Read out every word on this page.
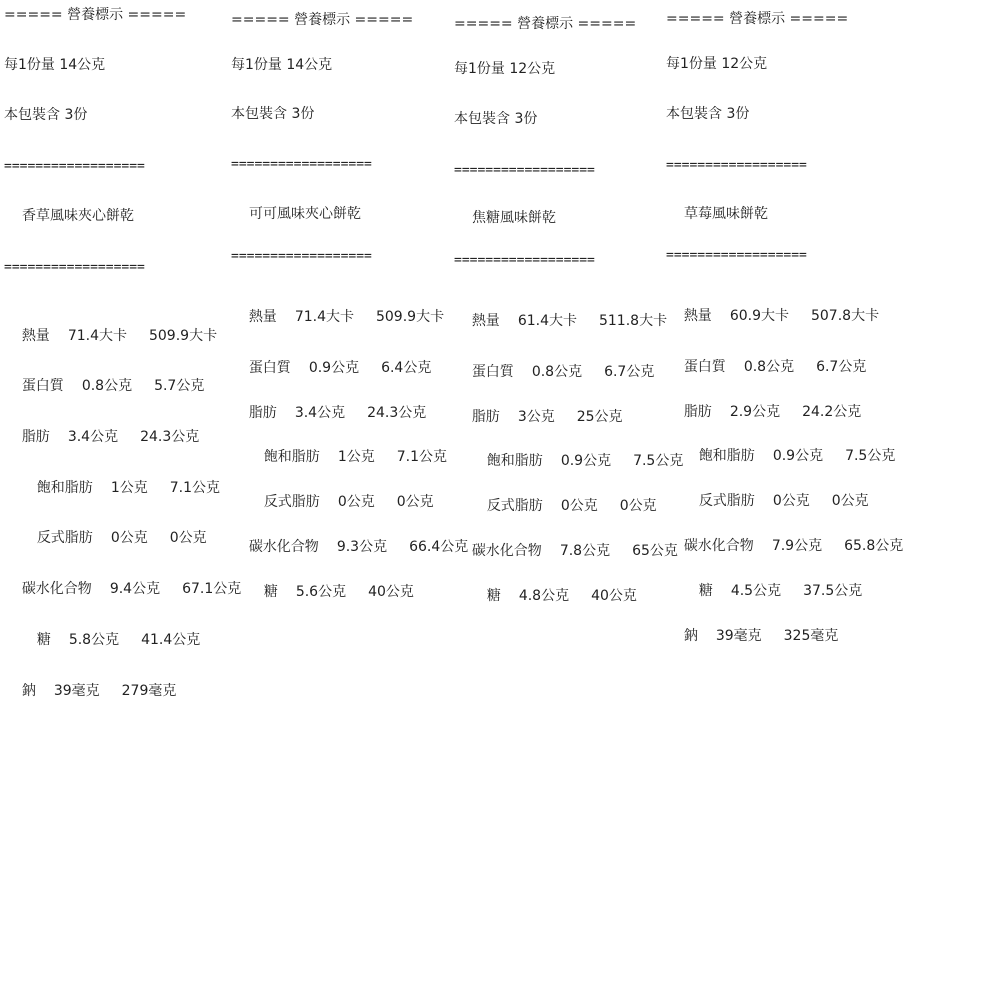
===== 營養標示 =====
每1份量 14公克
本包裝含 3份
==================
香草風味夾心餅乾
==================

熱量 71.4大卡 509.9大卡

蛋白質 0.8公克 5.7公克

脂肪 3.4公克 24.3公克

飽和脂肪 1公克 7.1公克

反式脂肪 0公克 0公克

碳水化合物 9.4公克 67.1公克

糖 5.8公克 41.4公克

鈉 39毫克 279毫克

===== 營養標示 =====
每1份量 14公克
本包裝含 3份
==================
可可風味夾心餅乾
==================

熱量 71.4大卡 509.9大卡

蛋白質 0.9公克 6.4公克

脂肪 3.4公克 24.3公克

飽和脂肪 1公克 7.1公克

反式脂肪 0公克 0公克

碳水化合物 9.3公克 66.4公克

糖 5.6公克 40公克

===== 營養標示 =====
每1份量 12公克
本包裝含 3份
==================
焦糖風味餅乾
==================

熱量 61.4大卡 511.8大卡

蛋白質 0.8公克 6.7公克

脂肪 3公克 25公克

飽和脂肪 0.9公克 7.5公克

反式脂肪 0公克 0公克

碳水化合物 7.8公克 65公克

糖 4.8公克 40公克

===== 營養標示 =====
每1份量 12公克
本包裝含 3份
==================
草莓風味餅乾
==================

熱量 60.9大卡 507.8大卡

蛋白質 0.8公克 6.7公克

脂肪 2.9公克 24.2公克

飽和脂肪 0.9公克 7.5公克

反式脂肪 0公克 0公克

碳水化合物 7.9公克 65.8公克

糖 4.5公克 37.5公克

鈉 39毫克 325毫克
